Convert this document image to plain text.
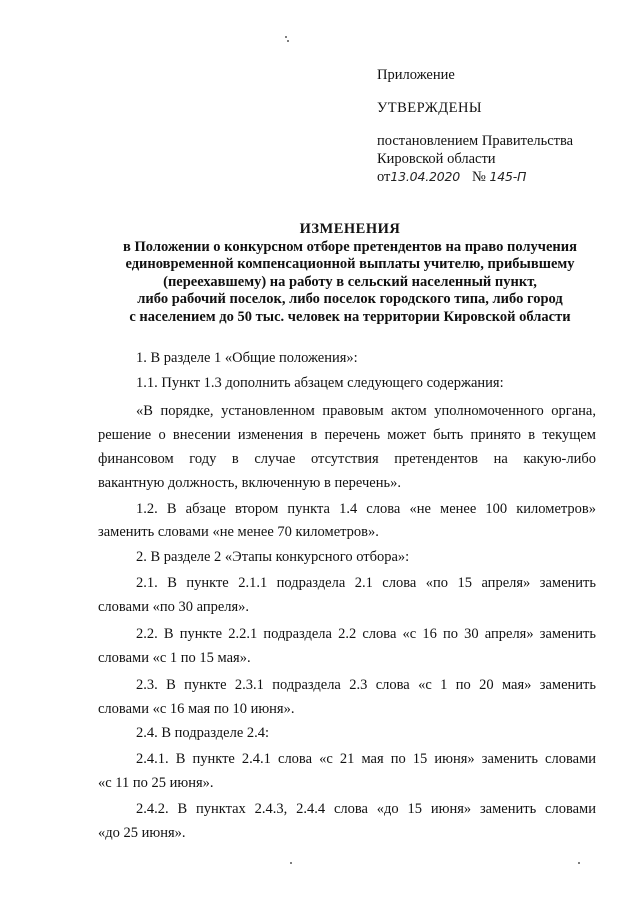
Приложение
УТВЕРЖДЕНЫ
постановлением Правительства
Кировской области
от13.04.2020 № 145-П
ИЗМЕНЕНИЯ
в Положении о конкурсном отборе претендентов на право получения
единовременной компенсационной выплаты учителю, прибывшему
(переехавшему) на работу в сельский населенный пункт,
либо рабочий поселок, либо поселок городского типа, либо город
с населением до 50 тыс. человек на территории Кировской области
1. В разделе 1 «Общие положения»:
1.1. Пункт 1.3 дополнить абзацем следующего содержания:
«В порядке, установленном правовым актом уполномоченного органа,
решение о внесении изменения в перечень может быть принято в текущем
финансовом году в случае отсутствия претендентов на какую-либо
вакантную должность, включенную в перечень».
1.2. В абзаце втором пункта 1.4 слова «не менее 100 километров»
заменить словами «не менее 70 километров».
2. В разделе 2 «Этапы конкурсного отбора»:
2.1. В пункте 2.1.1 подраздела 2.1 слова «по 15 апреля» заменить
словами «по 30 апреля».
2.2. В пункте 2.2.1 подраздела 2.2 слова «с 16 по 30 апреля» заменить
словами «с 1 по 15 мая».
2.3. В пункте 2.3.1 подраздела 2.3 слова «с 1 по 20 мая» заменить
словами «с 16 мая по 10 июня».
2.4. В подразделе 2.4:
2.4.1. В пункте 2.4.1 слова «с 21 мая по 15 июня» заменить словами
«с 11 по 25 июня».
2.4.2. В пунктах 2.4.3, 2.4.4 слова «до 15 июня» заменить словами
«до 25 июня».
